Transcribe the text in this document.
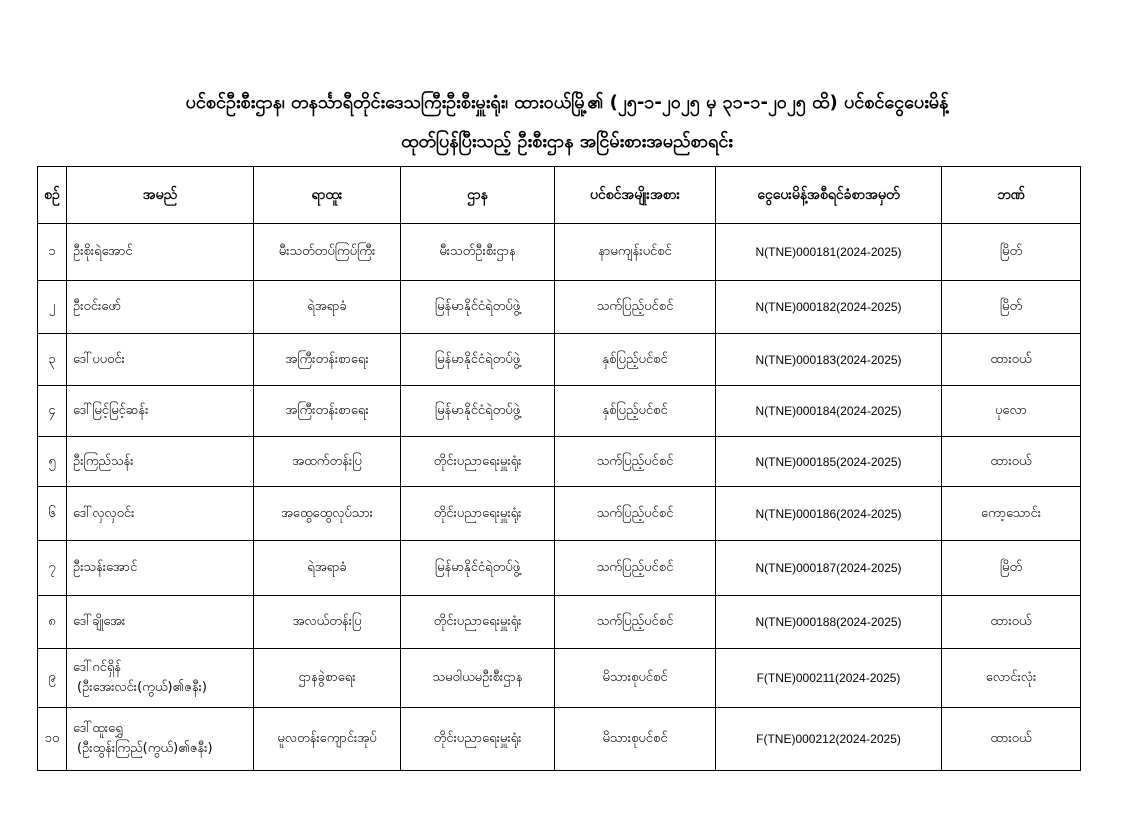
ပင်စင်ဦးစီးဌာန၊ တနင်္သာရီတိုင်းဒေသကြီးဦးစီးမှူးရုံး၊ ထားဝယ်မြို့၏ (၂၅-၁-၂၀၂၅ မှ ၃၁-၁-၂၀၂၅ ထိ) ပင်စင်ငွေပေးမိန့်
ထုတ်ပြန်ပြီးသည့် ဦးစီးဌာန အငြိမ်းစားအမည်စာရင်း
စဉ်	အမည်	ရာထူး	ဌာန	ပင်စင်အမျိုးအစား	ငွေပေးမိန့်အစီရင်ခံစာအမှတ်	ဘဏ်
၁	ဦးစိုးရဲအောင်	မီးသတ်တပ်ကြပ်ကြီး	မီးသတ်ဦးစီးဌာန	နာမကျန်းပင်စင်	N(TNE)000181(2024-2025)	မြိတ်
၂	ဦးဝင်းဖော်	ရဲအရာခံ	မြန်မာနိုင်ငံရဲတပ်ဖွဲ့	သက်ပြည့်ပင်စင်	N(TNE)000182(2024-2025)	မြိတ်
၃	ဒေါ်ပပဝင်း	အကြီးတန်းစာရေး	မြန်မာနိုင်ငံရဲတပ်ဖွဲ့	နှစ်ပြည့်ပင်စင်	N(TNE)000183(2024-2025)	ထားဝယ်
၄	ဒေါ်မြင့်မြင့်ဆန်း	အကြီးတန်းစာရေး	မြန်မာနိုင်ငံရဲတပ်ဖွဲ့	နှစ်ပြည့်ပင်စင်	N(TNE)000184(2024-2025)	ပုလော
၅	ဦးကြည်သန်း	အထက်တန်းပြ	တိုင်းပညာရေးမှူးရုံး	သက်ပြည့်ပင်စင်	N(TNE)000185(2024-2025)	ထားဝယ်
၆	ဒေါ်လှလှဝင်း	အထွေထွေလုပ်သား	တိုင်းပညာရေးမှူးရုံး	သက်ပြည့်ပင်စင်	N(TNE)000186(2024-2025)	ကော့သောင်း
၇	ဦးသန်းအောင်	ရဲအရာခံ	မြန်မာနိုင်ငံရဲတပ်ဖွဲ့	သက်ပြည့်ပင်စင်	N(TNE)000187(2024-2025)	မြိတ်
၈	ဒေါ်ချိုအေး	အလယ်တန်းပြ	တိုင်းပညာရေးမှူးရုံး	သက်ပြည့်ပင်စင်	N(TNE)000188(2024-2025)	ထားဝယ်
၉	ဒေါ်ဂင်ရှိန်
(ဦးအေးလင်း(ကွယ်)၏ဇနီး)	ဌာနခွဲစာရေး	သမဝါယမဦးစီးဌာန	မိသားစုပင်စင်	F(TNE)000211(2024-2025)	လောင်းလုံး
၁၀	ဒေါ်ထူးရွှေ
(ဦးထွန်းကြည်(ကွယ်)၏ဇနီး)	မူလတန်းကျောင်းအုပ်	တိုင်းပညာရေးမှူးရုံး	မိသားစုပင်စင်	F(TNE)000212(2024-2025)	ထားဝယ်
